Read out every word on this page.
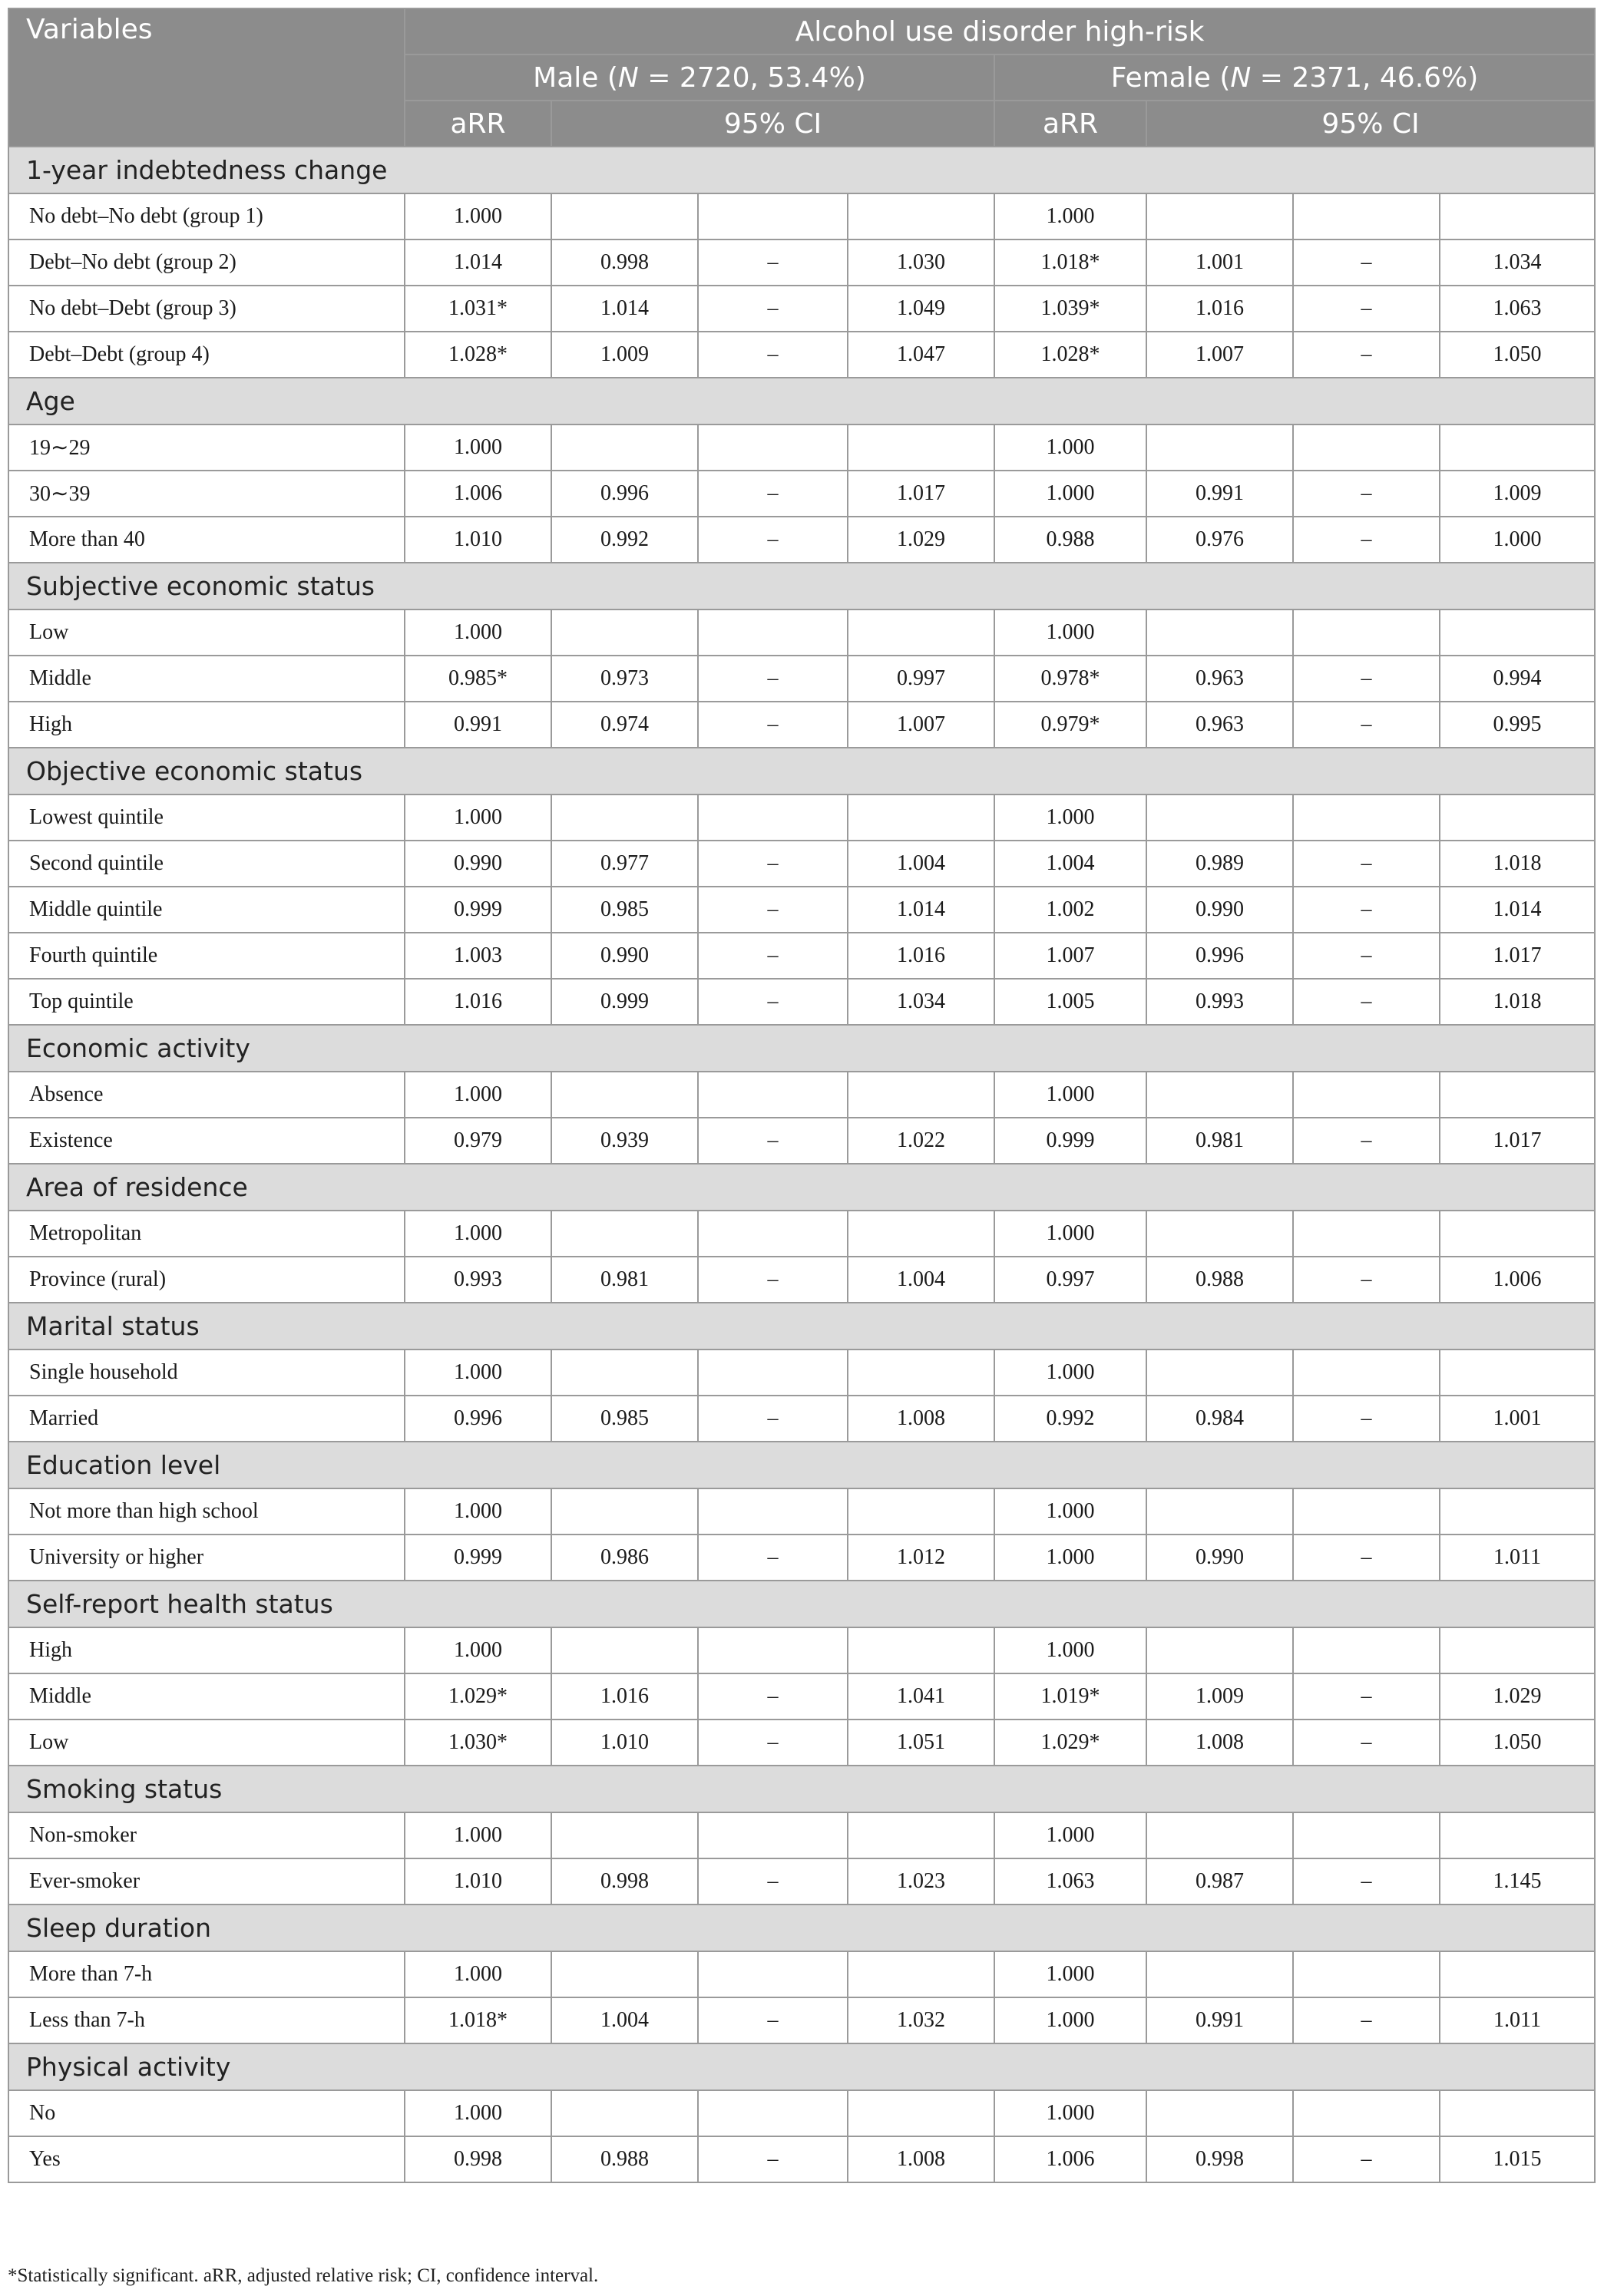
Variables	Alcohol use disorder high-risk							
	Male (N = 2720, 53.4%)				Female (N = 2371, 46.6%)			
	aRR	95% CI			aRR	95% CI		
1-year indebtedness change								
No debt–No debt (group 1)	1.000				1.000			
Debt–No debt (group 2)	1.014	0.998	–	1.030	1.018*	1.001	–	1.034
No debt–Debt (group 3)	1.031*	1.014	–	1.049	1.039*	1.016	–	1.063
Debt–Debt (group 4)	1.028*	1.009	–	1.047	1.028*	1.007	–	1.050
Age								
19∼29	1.000				1.000			
30∼39	1.006	0.996	–	1.017	1.000	0.991	–	1.009
More than 40	1.010	0.992	–	1.029	0.988	0.976	–	1.000
Subjective economic status								
Low	1.000				1.000			
Middle	0.985*	0.973	–	0.997	0.978*	0.963	–	0.994
High	0.991	0.974	–	1.007	0.979*	0.963	–	0.995
Objective economic status								
Lowest quintile	1.000				1.000			
Second quintile	0.990	0.977	–	1.004	1.004	0.989	–	1.018
Middle quintile	0.999	0.985	–	1.014	1.002	0.990	–	1.014
Fourth quintile	1.003	0.990	–	1.016	1.007	0.996	–	1.017
Top quintile	1.016	0.999	–	1.034	1.005	0.993	–	1.018
Economic activity								
Absence	1.000				1.000			
Existence	0.979	0.939	–	1.022	0.999	0.981	–	1.017
Area of residence								
Metropolitan	1.000				1.000			
Province (rural)	0.993	0.981	–	1.004	0.997	0.988	–	1.006
Marital status								
Single household	1.000				1.000			
Married	0.996	0.985	–	1.008	0.992	0.984	–	1.001
Education level								
Not more than high school	1.000				1.000			
University or higher	0.999	0.986	–	1.012	1.000	0.990	–	1.011
Self-report health status								
High	1.000				1.000			
Middle	1.029*	1.016	–	1.041	1.019*	1.009	–	1.029
Low	1.030*	1.010	–	1.051	1.029*	1.008	–	1.050
Smoking status								
Non-smoker	1.000				1.000			
Ever-smoker	1.010	0.998	–	1.023	1.063	0.987	–	1.145
Sleep duration								
More than 7-h	1.000				1.000			
Less than 7-h	1.018*	1.004	–	1.032	1.000	0.991	–	1.011
Physical activity								
No	1.000				1.000			
Yes	0.998	0.988	–	1.008	1.006	0.998	–	1.015
*Statistically significant. aRR, adjusted relative risk; CI, confidence interval.
